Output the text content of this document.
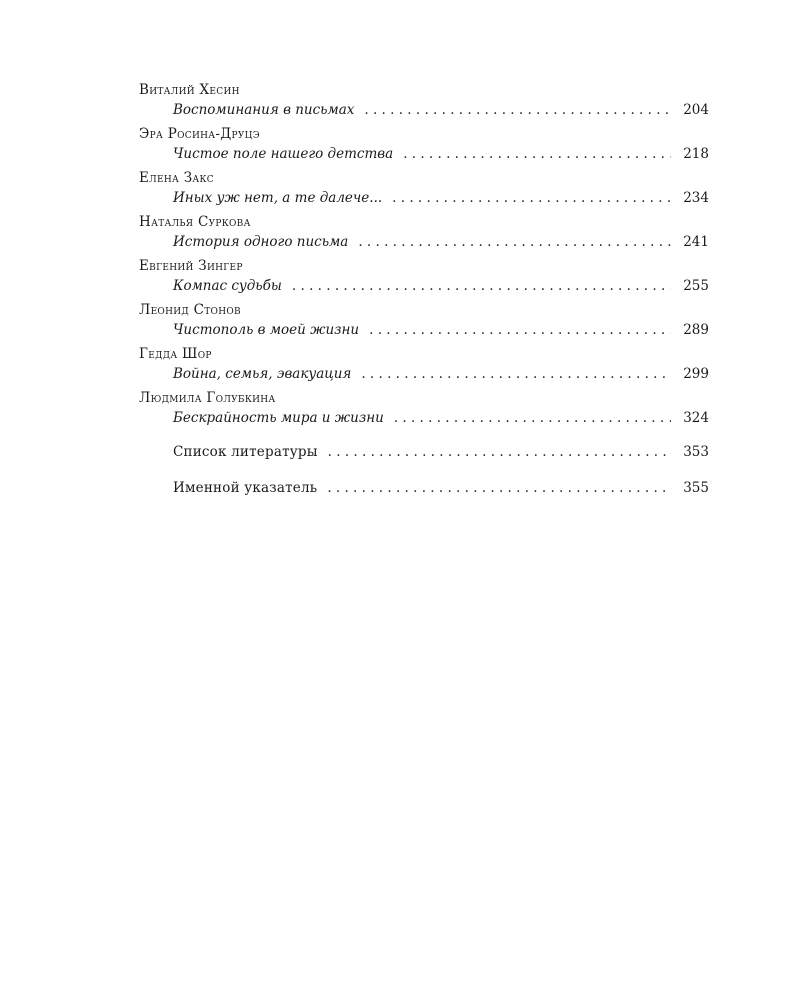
Виталий Хесин
Воспоминания в письмах . . .	204
Эра Росина-Друцэ
Чистое поле нашего детства . . .	218
Елена Закс
Иных уж нет, а те далече... . . .	234
Наталья Суркова
История одного письма . . .	241
Евгений Зингер
Компас судьбы . . .	255
Леонид Стонов
Чистополь в моей жизни . . .	289
Гедда Шор
Война, семья, эвакуация . . .	299
Людмила Голубкина
Бескрайность мира и жизни . . .	324
Список литературы . . .	353
Именной указатель . . .	355
